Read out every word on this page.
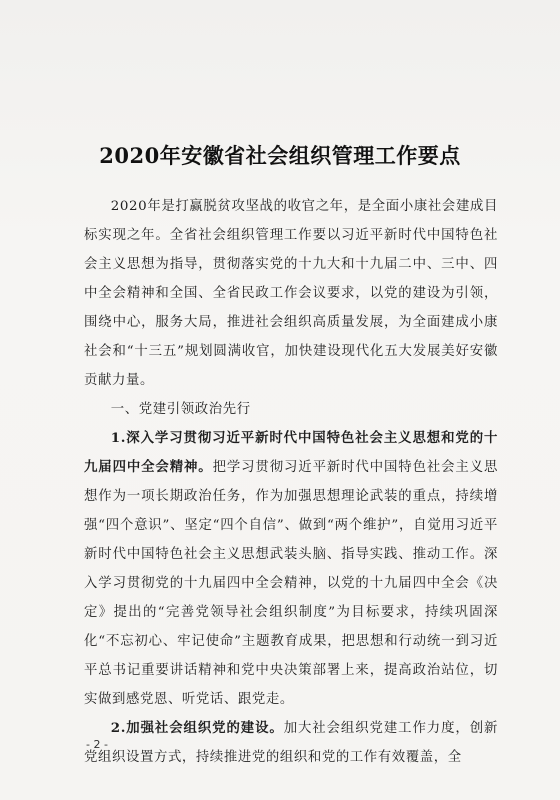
2020年安徽省社会组织管理工作要点

2020年是打赢脱贫攻坚战的收官之年，是全面小康社会建成目标实现之年。全省社会组织管理工作要以习近平新时代中国特色社会主义思想为指导，贯彻落实党的十九大和十九届二中、三中、四中全会精神和全国、全省民政工作会议要求，以党的建设为引领，围绕中心，服务大局，推进社会组织高质量发展，为全面建成小康社会和“十三五”规划圆满收官，加快建设现代化五大发展美好安徽贡献力量。

一、党建引领政治先行

1.深入学习贯彻习近平新时代中国特色社会主义思想和党的十九届四中全会精神。把学习贯彻习近平新时代中国特色社会主义思想作为一项长期政治任务，作为加强思想理论武装的重点，持续增强“四个意识”、坚定“四个自信”、做到“两个维护”，自觉用习近平新时代中国特色社会主义思想武装头脑、指导实践、推动工作。深入学习贯彻党的十九届四中全会精神，以党的十九届四中全会《决定》提出的“完善党领导社会组织制度”为目标要求，持续巩固深化“不忘初心、牢记使命”主题教育成果，把思想和行动统一到习近平总书记重要讲话精神和党中央决策部署上来，提高政治站位，切实做到感党恩、听党话、跟党走。

2.加强社会组织党的建设。加大社会组织党建工作力度，创新党组织设置方式，持续推进党的组织和党的工作有效覆盖，全

- 2 -
